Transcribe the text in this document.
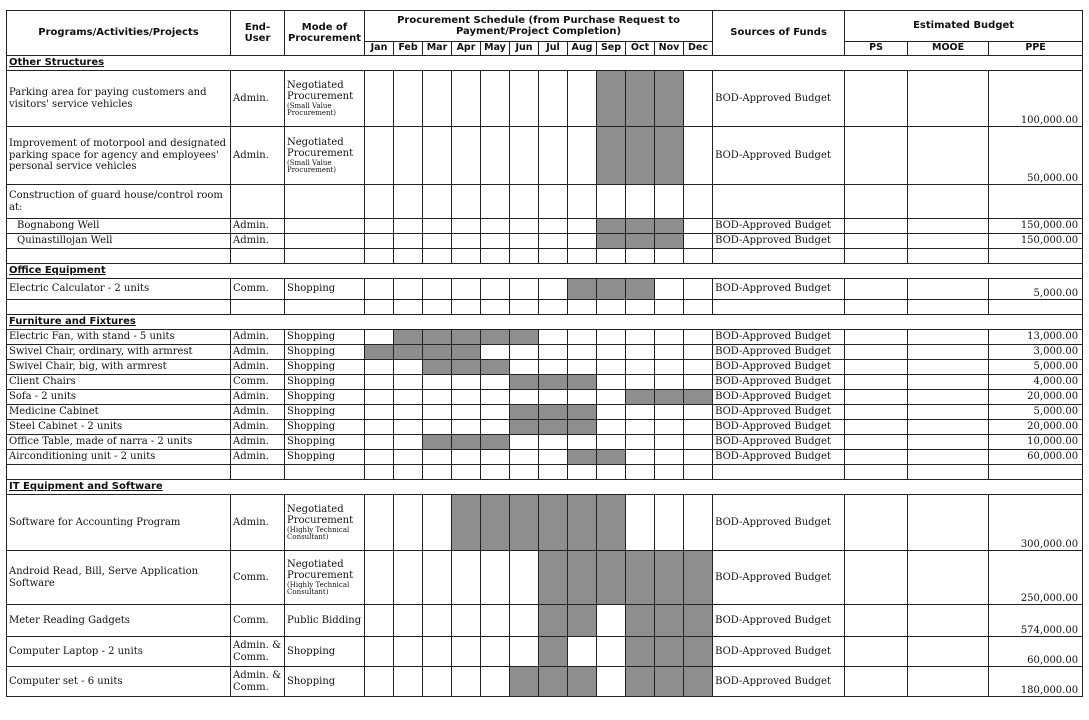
Programs/Activities/Projects	End-User	Mode of Procurement	Procurement Schedule (from Purchase Request to Payment/Project Completion)												Sources of Funds	Estimated Budget		

			Jan	Feb	Mar	Apr	May	Jun	Jul	Aug	Sep	Oct	Nov	Dec		PS	MOOE	PPE
Other Structures																		
Parking area for paying customers and visitors' service vehicles	Admin.	Negotiated Procurement
(Small Value Procurement)													BOD-Approved Budget			100,000.00
Improvement of motorpool and designated parking space for agency and employees' personal service vehicles	Admin.	Negotiated Procurement
(Small Value Procurement)													BOD-Approved Budget			50,000.00
Construction of guard house/control room at:																		
Bognabong Well	Admin.														BOD-Approved Budget			150,000.00
Quinastillojan Well	Admin.														BOD-Approved Budget			150,000.00

Office Equipment																		
Electric Calculator - 2 units	Comm.	Shopping													BOD-Approved Budget			5,000.00

Furniture and Fixtures																		
Electric Fan, with stand - 5 units	Admin.	Shopping													BOD-Approved Budget			13,000.00
Swivel Chair, ordinary, with armrest	Admin.	Shopping													BOD-Approved Budget			3,000.00
Swivel Chair, big, with armrest	Admin.	Shopping													BOD-Approved Budget			5,000.00
Client Chairs	Comm.	Shopping													BOD-Approved Budget			4,000.00
Sofa - 2 units	Admin.	Shopping													BOD-Approved Budget			20,000.00
Medicine Cabinet	Admin.	Shopping													BOD-Approved Budget			5,000.00
Steel Cabinet - 2 units	Admin.	Shopping													BOD-Approved Budget			20,000.00
Office Table, made of narra - 2 units	Admin.	Shopping													BOD-Approved Budget			10,000.00
Airconditioning unit - 2 units	Admin.	Shopping													BOD-Approved Budget			60,000.00

IT Equipment and Software																		
Software for Accounting Program	Admin.	Negotiated Procurement
(Highly Technical Consultant)													BOD-Approved Budget			300,000.00
Android Read, Bill, Serve Application Software	Comm.	Negotiated Procurement
(Highly Technical Consultant)													BOD-Approved Budget			250,000.00
Meter Reading Gadgets	Comm.	Public Bidding													BOD-Approved Budget			574,000.00
Computer Laptop - 2 units	Admin. & Comm.	Shopping													BOD-Approved Budget			60,000.00
Computer set - 6 units	Admin. & Comm.	Shopping													BOD-Approved Budget			180,000.00
